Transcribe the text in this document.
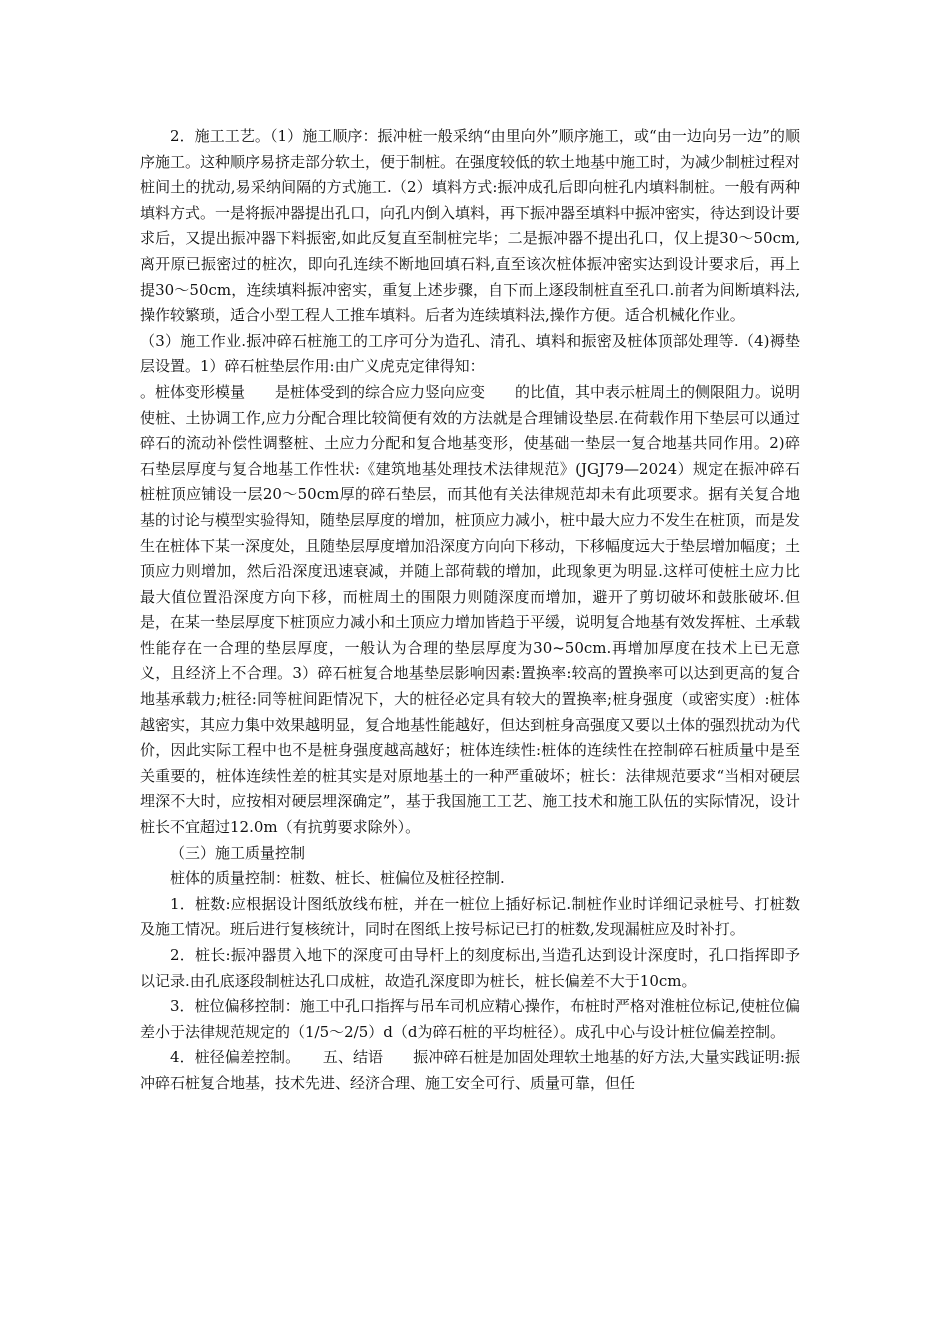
2．施工工艺。（1）施工顺序：振冲桩一般采纳“由里向外”顺序施工，或“由一边向另一边”的顺序施工。这种顺序易挤走部分软土，便于制桩。在强度较低的软土地基中施工时，为减少制桩过程对桩间土的扰动,易采纳间隔的方式施工.（2）填料方式:振冲成孔后即向桩孔内填料制桩。一般有两种填料方式。一是将振冲器提出孔口，向孔内倒入填料，再下振冲器至填料中振冲密实，待达到设计要求后，又提出振冲器下料振密,如此反复直至制桩完毕；二是振冲器不提出孔口，仅上提30～50cm,离开原已振密过的桩次，即向孔连续不断地回填石料,直至该次桩体振冲密实达到设计要求后，再上提30～50cm，连续填料振冲密实，重复上述步骤，自下而上逐段制桩直至孔口.前者为间断填料法,操作较繁琐，适合小型工程人工推车填料。后者为连续填料法,操作方便。适合机械化作业。

（3）施工作业.振冲碎石桩施工的工序可分为造孔、清孔、填料和振密及桩体顶部处理等.（4)褥垫层设置。1）碎石桩垫层作用:由广义虎克定律得知：

。桩体变形模量　　是桩体受到的综合应力竖向应变　　的比值，其中表示桩周土的侧限阻力。说明使桩、土协调工作,应力分配合理比较简便有效的方法就是合理铺设垫层.在荷载作用下垫层可以通过碎石的流动补偿性调整桩、土应力分配和复合地基变形，使基础一垫层一复合地基共同作用。2)碎石垫层厚度与复合地基工作性状:《建筑地基处理技术法律规范》(JGJ79—2024）规定在振冲碎石桩桩顶应铺设一层20～50cm厚的碎石垫层，而其他有关法律规范却未有此项要求。据有关复合地基的讨论与模型实验得知，随垫层厚度的增加，桩顶应力减小，桩中最大应力不发生在桩顶，而是发生在桩体下某一深度处，且随垫层厚度增加沿深度方向向下移动，下移幅度远大于垫层增加幅度；土顶应力则增加，然后沿深度迅速衰减，并随上部荷载的增加，此现象更为明显.这样可使桩土应力比最大值位置沿深度方向下移，而桩周土的围限力则随深度而增加，避开了剪切破坏和鼓胀破坏.但是，在某一垫层厚度下桩顶应力减小和土顶应力增加皆趋于平缓，说明复合地基有效发挥桩、土承载性能存在一合理的垫层厚度，一般认为合理的垫层厚度为30~50cm.再增加厚度在技术上已无意义，且经济上不合理。3）碎石桩复合地基垫层影响因素:置换率:较高的置换率可以达到更高的复合地基承载力;桩径:同等桩间距情况下，大的桩径必定具有较大的置换率;桩身强度（或密实度）:桩体越密实，其应力集中效果越明显，复合地基性能越好，但达到桩身高强度又要以土体的强烈扰动为代价，因此实际工程中也不是桩身强度越高越好；桩体连续性:桩体的连续性在控制碎石桩质量中是至关重要的，桩体连续性差的桩其实是对原地基土的一种严重破坏；桩长：法律规范要求“当相对硬层埋深不大时，应按相对硬层埋深确定”，基于我国施工工艺、施工技术和施工队伍的实际情况，设计桩长不宜超过12.0m（有抗剪要求除外）。

（三）施工质量控制

桩体的质量控制：桩数、桩长、桩偏位及桩径控制.

1．桩数:应根据设计图纸放线布桩，并在一桩位上插好标记.制桩作业时详细记录桩号、打桩数及施工情况。班后进行复核统计，同时在图纸上按号标记已打的桩数,发现漏桩应及时补打。

2．桩长:振冲器贯入地下的深度可由导杆上的刻度标出,当造孔达到设计深度时，孔口指挥即予以记录.由孔底逐段制桩达孔口成桩，故造孔深度即为桩长，桩长偏差不大于10cm。

3．桩位偏移控制：施工中孔口指挥与吊车司机应精心操作，布桩时严格对淮桩位标记,使桩位偏差小于法律规范规定的（1/5～2/5）d（d为碎石桩的平均桩径）。成孔中心与设计桩位偏差控制。

4．桩径偏差控制。　　五、结语　　振冲碎石桩是加固处理软土地基的好方法,大量实践证明:振冲碎石桩复合地基，技术先进、经济合理、施工安全可行、质量可靠，但任
